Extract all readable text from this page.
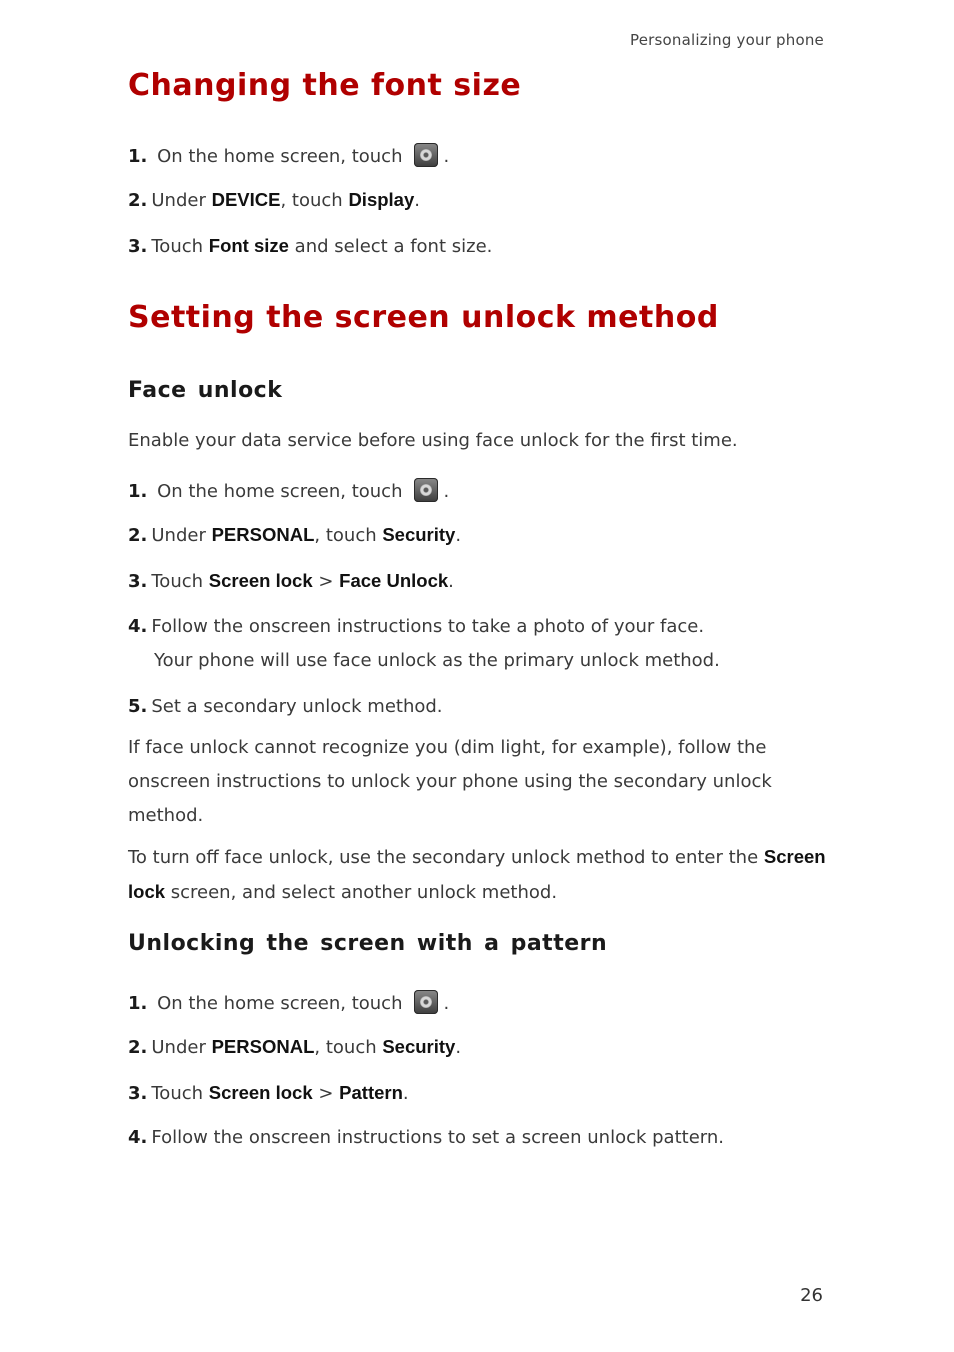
Personalizing your phone
Changing the font size

1. On the home screen, touch .

2. Under DEVICE, touch Display.

3. Touch Font size and select a font size.

Setting the screen unlock method
Face unlock

Enable your data service before using face unlock for the first time.

1. On the home screen, touch .

2. Under PERSONAL, touch Security.

3. Touch Screen lock > Face Unlock.

4. Follow the onscreen instructions to take a photo of your face.

Your phone will use face unlock as the primary unlock method.

5. Set a secondary unlock method.

If face unlock cannot recognize you (dim light, for example), follow the onscreen instructions to unlock your phone using the secondary unlock method.

To turn off face unlock, use the secondary unlock method to enter the Screen lock screen, and select another unlock method.

Unlocking the screen with a pattern

1. On the home screen, touch .

2. Under PERSONAL, touch Security.

3. Touch Screen lock > Pattern.

4. Follow the onscreen instructions to set a screen unlock pattern.

26
